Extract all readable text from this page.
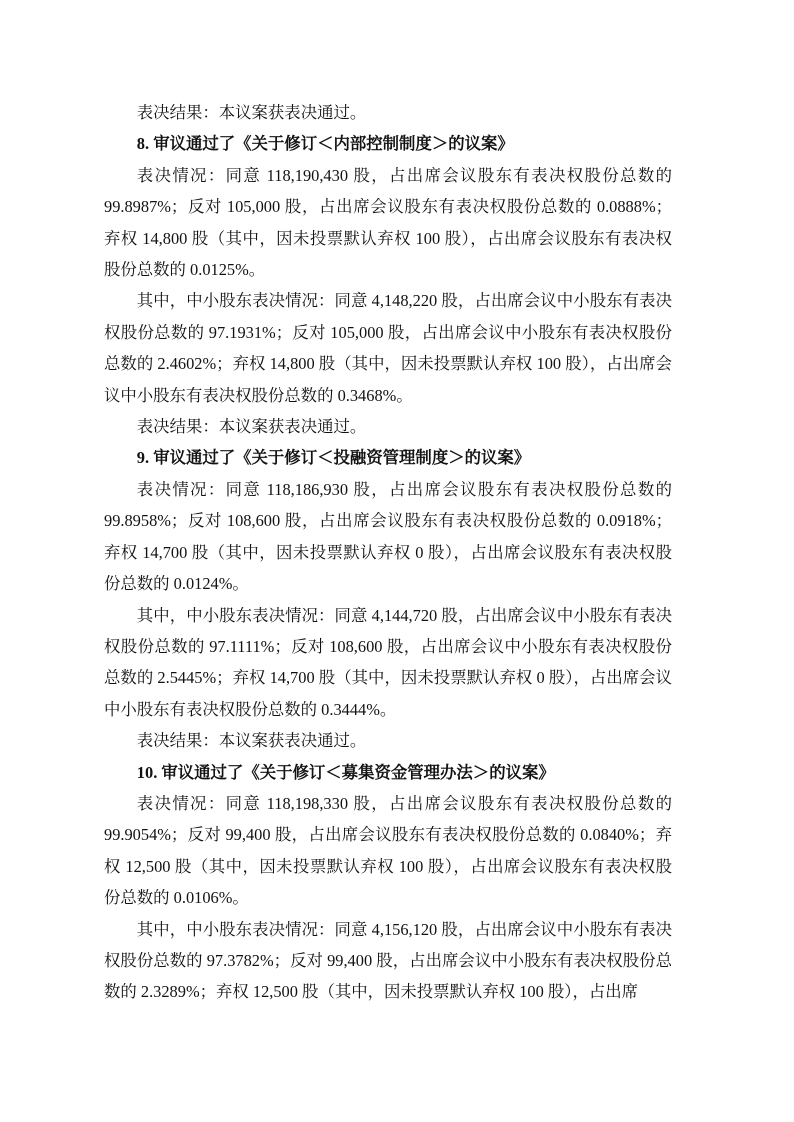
表决结果：本议案获表决通过。

8. 审议通过了《关于修订＜内部控制制度＞的议案》

表决情况：同意 118,190,430 股，占出席会议股东有表决权股份总数的 99.8987%；反对 105,000 股，占出席会议股东有表决权股份总数的 0.0888%；弃权 14,800 股（其中，因未投票默认弃权 100 股），占出席会议股东有表决权股份总数的 0.0125%。

其中，中小股东表决情况：同意 4,148,220 股，占出席会议中小股东有表决权股份总数的 97.1931%；反对 105,000 股，占出席会议中小股东有表决权股份总数的 2.4602%；弃权 14,800 股（其中，因未投票默认弃权 100 股），占出席会议中小股东有表决权股份总数的 0.3468%。

表决结果：本议案获表决通过。

9. 审议通过了《关于修订＜投融资管理制度＞的议案》

表决情况：同意 118,186,930 股，占出席会议股东有表决权股份总数的 99.8958%；反对 108,600 股，占出席会议股东有表决权股份总数的 0.0918%；弃权 14,700 股（其中，因未投票默认弃权 0 股），占出席会议股东有表决权股份总数的 0.0124%。

其中，中小股东表决情况：同意 4,144,720 股，占出席会议中小股东有表决权股份总数的 97.1111%；反对 108,600 股，占出席会议中小股东有表决权股份总数的 2.5445%；弃权 14,700 股（其中，因未投票默认弃权 0 股），占出席会议中小股东有表决权股份总数的 0.3444%。

表决结果：本议案获表决通过。

10. 审议通过了《关于修订＜募集资金管理办法＞的议案》

表决情况：同意 118,198,330 股，占出席会议股东有表决权股份总数的 99.9054%；反对 99,400 股，占出席会议股东有表决权股份总数的 0.0840%；弃权 12,500 股（其中，因未投票默认弃权 100 股），占出席会议股东有表决权股份总数的 0.0106%。

其中，中小股东表决情况：同意 4,156,120 股，占出席会议中小股东有表决权股份总数的 97.3782%；反对 99,400 股，占出席会议中小股东有表决权股份总数的 2.3289%；弃权 12,500 股（其中，因未投票默认弃权 100 股），占出席
